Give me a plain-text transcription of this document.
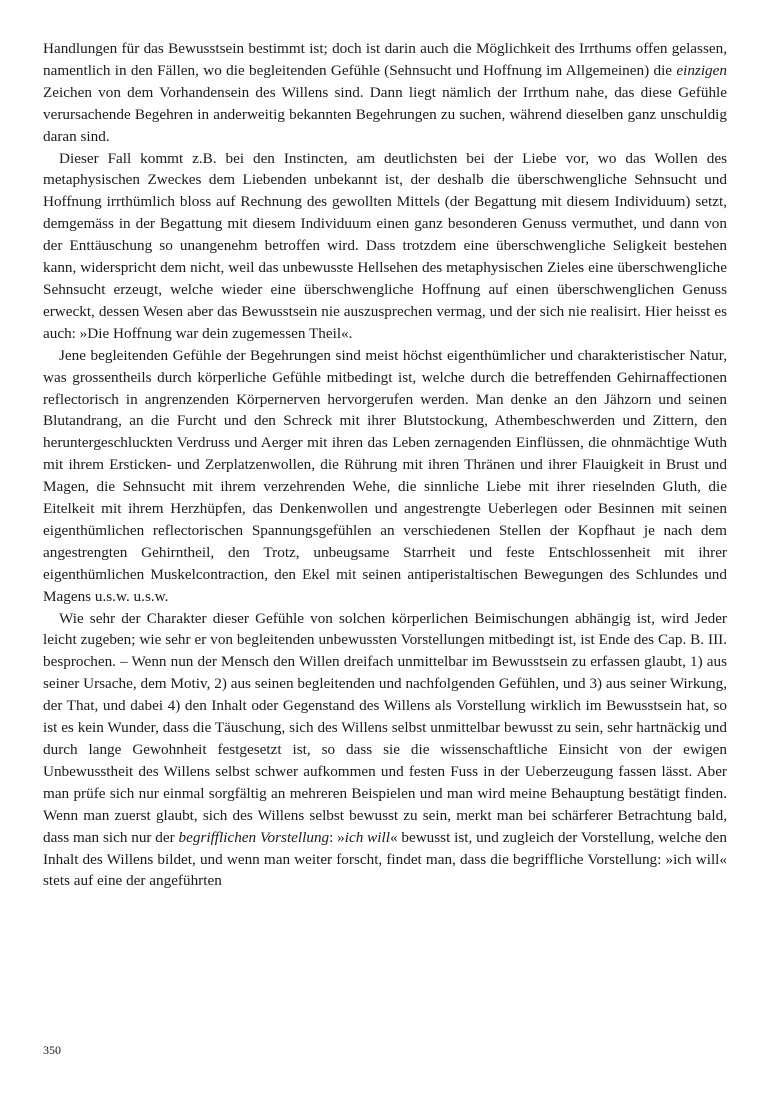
Handlungen für das Bewusstsein bestimmt ist; doch ist darin auch die Möglichkeit des Irrthums offen gelassen, namentlich in den Fällen, wo die begleitenden Gefühle (Sehnsucht und Hoffnung im Allgemeinen) die einzigen Zeichen von dem Vorhandensein des Willens sind. Dann liegt nämlich der Irrthum nahe, das diese Gefühle verursachende Begehren in anderweitig bekannten Begehrungen zu suchen, während dieselben ganz unschuldig daran sind.

Dieser Fall kommt z.B. bei den Instincten, am deutlichsten bei der Liebe vor, wo das Wollen des metaphysischen Zweckes dem Liebenden unbekannt ist, der deshalb die überschwengliche Sehnsucht und Hoffnung irrthümlich bloss auf Rechnung des gewollten Mittels (der Begattung mit diesem Individuum) setzt, demgemäss in der Begattung mit diesem Individuum einen ganz besonderen Genuss vermuthet, und dann von der Enttäuschung so unangenehm betroffen wird. Dass trotzdem eine überschwengliche Seligkeit bestehen kann, widerspricht dem nicht, weil das unbewusste Hellsehen des metaphysischen Zieles eine überschwengliche Sehnsucht erzeugt, welche wieder eine überschwengliche Hoffnung auf einen überschwenglichen Genuss erweckt, dessen Wesen aber das Bewusstsein nie auszusprechen vermag, und der sich nie realisirt. Hier heisst es auch: »Die Hoffnung war dein zugemessen Theil«.

Jene begleitenden Gefühle der Begehrungen sind meist höchst eigenthümlicher und charakteristischer Natur, was grossentheils durch körperliche Gefühle mitbedingt ist, welche durch die betreffenden Gehirnaffectionen reflectorisch in angrenzenden Körpernerven hervorgerufen werden. Man denke an den Jähzorn und seinen Blutandrang, an die Furcht und den Schreck mit ihrer Blutstockung, Athembeschwerden und Zittern, den heruntergeschluckten Verdruss und Aerger mit ihren das Leben zernagenden Einflüssen, die ohnmächtige Wuth mit ihrem Ersticken- und Zerplatzenwollen, die Rührung mit ihren Thränen und ihrer Flauigkeit in Brust und Magen, die Sehnsucht mit ihrem verzehrenden Wehe, die sinnliche Liebe mit ihrer rieselnden Gluth, die Eitelkeit mit ihrem Herzhüpfen, das Denkenwollen und angestrengte Ueberlegen oder Besinnen mit seinen eigenthümlichen reflectorischen Spannungsgefühlen an verschiedenen Stellen der Kopfhaut je nach dem angestrengten Gehirntheil, den Trotz, unbeugsame Starrheit und feste Entschlossenheit mit ihrer eigenthümlichen Muskelcontraction, den Ekel mit seinen antiperistaltischen Bewegungen des Schlundes und Magens u.s.w. u.s.w.

Wie sehr der Charakter dieser Gefühle von solchen körperlichen Beimischungen abhängig ist, wird Jeder leicht zugeben; wie sehr er von begleitenden unbewussten Vorstellungen mitbedingt ist, ist Ende des Cap. B. III. besprochen. – Wenn nun der Mensch den Willen dreifach unmittelbar im Bewusstsein zu erfassen glaubt, 1) aus seiner Ursache, dem Motiv, 2) aus seinen begleitenden und nachfolgenden Gefühlen, und 3) aus seiner Wirkung, der That, und dabei 4) den Inhalt oder Gegenstand des Willens als Vorstellung wirklich im Bewusstsein hat, so ist es kein Wunder, dass die Täuschung, sich des Willens selbst unmittelbar bewusst zu sein, sehr hartnäckig und durch lange Gewohnheit festgesetzt ist, so dass sie die wissenschaftliche Einsicht von der ewigen Unbewusstheit des Willens selbst schwer aufkommen und festen Fuss in der Ueberzeugung fassen lässt. Aber man prüfe sich nur einmal sorgfältig an mehreren Beispielen und man wird meine Behauptung bestätigt finden. Wenn man zuerst glaubt, sich des Willens selbst bewusst zu sein, merkt man bei schärferer Betrachtung bald, dass man sich nur der begrifflichen Vorstellung: »ich will« bewusst ist, und zugleich der Vorstellung, welche den Inhalt des Willens bildet, und wenn man weiter forscht, findet man, dass die begriffliche Vorstellung: »ich will« stets auf eine der angeführten

350
